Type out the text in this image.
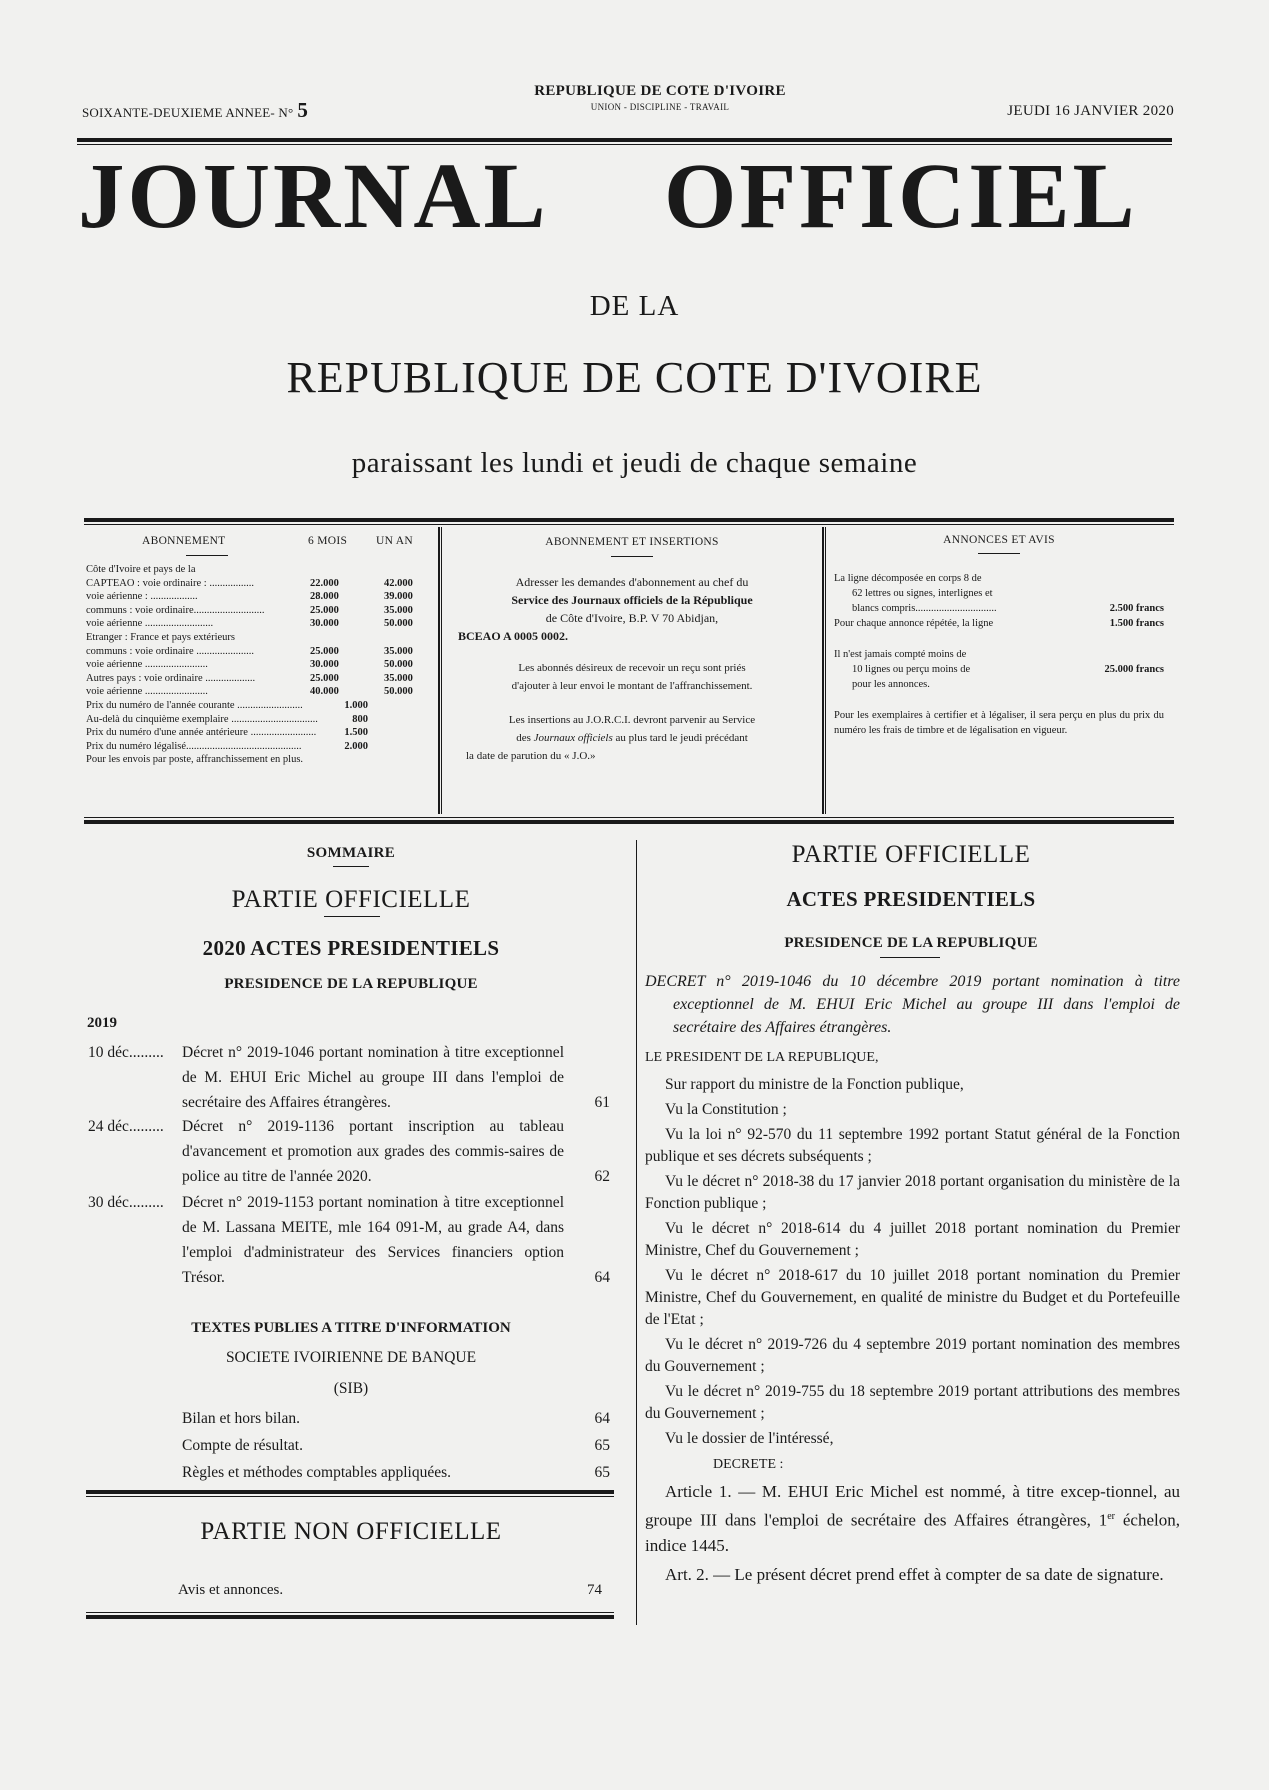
SOIXANTE-DEUXIEME ANNEE- N° 5
REPUBLIQUE DE COTE D'IVOIRE
UNION - DISCIPLINE - TRAVAIL	JEUDI 16 JANVIER 2020
JOURNAL OFFICIEL
DE LA
REPUBLIQUE DE COTE D'IVOIRE
paraissant les lundi et jeudi de chaque semaine
ABONNEMENT	6 MOIS	UN AN
Côte d'Ivoire et pays de la
CAPTEAO : voie ordinaire : .................	22.000	42.000
voie aérienne : ..................	28.000	39.000
communs : voie ordinaire...........................	25.000	35.000
voie aérienne ..........................	30.000	50.000
Etranger : France et pays extérieurs
communs : voie ordinaire ......................	25.000	35.000
voie aérienne ........................	30.000	50.000
Autres pays : voie ordinaire ...................	25.000	35.000
voie aérienne ........................	40.000	50.000
Prix du numéro de l'année courante .........................	1.000
Au-delà du cinquième exemplaire .................................	800
Prix du numéro d'une année antérieure .........................	1.500
Prix du numéro légalisé............................................	2.000
Pour les envois par poste, affranchissement en plus.
ABONNEMENT ET INSERTIONS

Adresser les demandes d'abonnement au chef du

Service des Journaux officiels de la République

de Côte d'Ivoire, B.P. V 70 Abidjan,

BCEAO A 0005 0002.

Les abonnés désireux de recevoir un reçu sont priés

d'ajouter à leur envoi le montant de l'affranchissement.

Les insertions au J.O.R.C.I. devront parvenir au Service

des Journaux officiels au plus tard le jeudi précédant

la date de parution du « J.O.»

ANNONCES ET AVIS
La ligne décomposée en corps 8 de
62 lettres ou signes, interlignes et
blancs compris...............................	2.500 francs
Pour chaque annonce répétée, la ligne	1.500 francs
Il n'est jamais compté moins de
10 lignes ou perçu moins de	25.000 francs
pour les annonces.
Pour les exemplaires à certifier et à légaliser, il sera perçu en plus du prix du numéro les frais de timbre et de légalisation en vigueur.
SOMMAIRE
PARTIE OFFICIELLE
2020 ACTES PRESIDENTIELS
PRESIDENCE DE LA REPUBLIQUE
2019
10 déc......... Décret n° 2019-1046 portant nomination à titre exceptionnel de M. EHUI Eric Michel au groupe III dans l'emploi de secrétaire des Affaires étrangères.	61
24 déc......... Décret n° 2019-1136 portant inscription au tableau d'avancement et promotion aux grades des commis-saires de police au titre de l'année 2020.	62
30 déc......... Décret n° 2019-1153 portant nomination à titre exceptionnel de M. Lassana MEITE, mle 164 091-M, au grade A4, dans l'emploi d'administrateur des Services financiers option Trésor.	64
TEXTES PUBLIES A TITRE D'INFORMATION
SOCIETE IVOIRIENNE DE BANQUE
(SIB)
Bilan et hors bilan.	64
Compte de résultat.	65
Règles et méthodes comptables appliquées.	65
PARTIE NON OFFICIELLE
Avis et annonces.	74
PARTIE OFFICIELLE
ACTES PRESIDENTIELS
PRESIDENCE DE LA REPUBLIQUE
DECRET n° 2019-1046 du 10 décembre 2019 portant nomination à titre exceptionnel de M. EHUI Eric Michel au groupe III dans l'emploi de secrétaire des Affaires étrangères.

LE PRESIDENT DE LA REPUBLIQUE,

Sur rapport du ministre de la Fonction publique,

Vu la Constitution ;

Vu la loi n° 92-570 du 11 septembre 1992 portant Statut général de la Fonction publique et ses décrets subséquents ;

Vu le décret n° 2018-38 du 17 janvier 2018 portant organisation du ministère de la Fonction publique ;

Vu le décret n° 2018-614 du 4 juillet 2018 portant nomination du Premier Ministre, Chef du Gouvernement ;

Vu le décret n° 2018-617 du 10 juillet 2018 portant nomination du Premier Ministre, Chef du Gouvernement, en qualité de ministre du Budget et du Portefeuille de l'Etat ;

Vu le décret n° 2019-726 du 4 septembre 2019 portant nomination des membres du Gouvernement ;

Vu le décret n° 2019-755 du 18 septembre 2019 portant attributions des membres du Gouvernement ;

Vu le dossier de l'intéressé,

DECRETE :

Article 1. — M. EHUI Eric Michel est nommé, à titre excep-tionnel, au groupe III dans l'emploi de secrétaire des Affaires étrangères, 1er échelon, indice 1445.

Art. 2. — Le présent décret prend effet à compter de sa date de signature.
